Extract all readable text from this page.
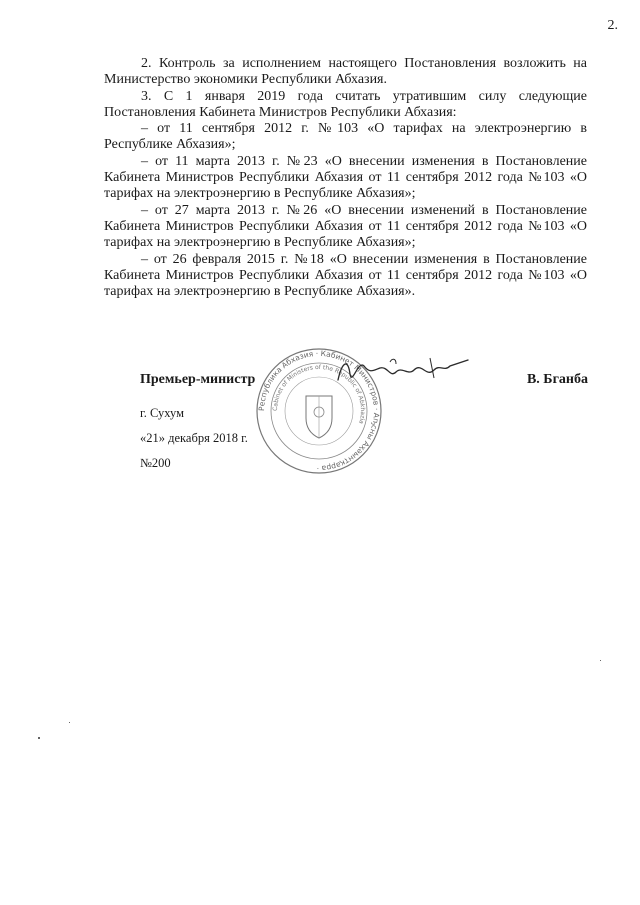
2.

2. Контроль за исполнением настоящего Постановления возложить на Министерство экономики Республики Абхазия.

3. С 1 января 2019 года считать утратившим силу следующие Постановления Кабинета Министров Республики Абхазия:

– от 11 сентября 2012 г. №103 «О тарифах на электроэнергию в Республике Абхазия»;

– от 11 марта 2013 г. №23 «О внесении изменения в Постановление Кабинета Министров Республики Абхазия от 11 сентября 2012 года №103 «О тарифах на электроэнергию в Республике Абхазия»;

– от 27 марта 2013 г. №26 «О внесении изменений в Постановление Кабинета Министров Республики Абхазия от 11 сентября 2012 года №103 «О тарифах на электроэнергию в Республике Абхазия»;

– от 26 февраля 2015 г. №18 «О внесении изменения в Постановление Кабинета Министров Республики Абхазия от 11 сентября 2012 года №103 «О тарифах на электроэнергию в Республике Абхазия».

Республика Абхазия · Кабинет Министров · Аҧсны Аҳәынҭқарра ·
Cabinet of Ministers of the Republic of Abkhazia
Премьер-министр	В. Бганба
г. Сухум
«21» декабря 2018 г.
№200
